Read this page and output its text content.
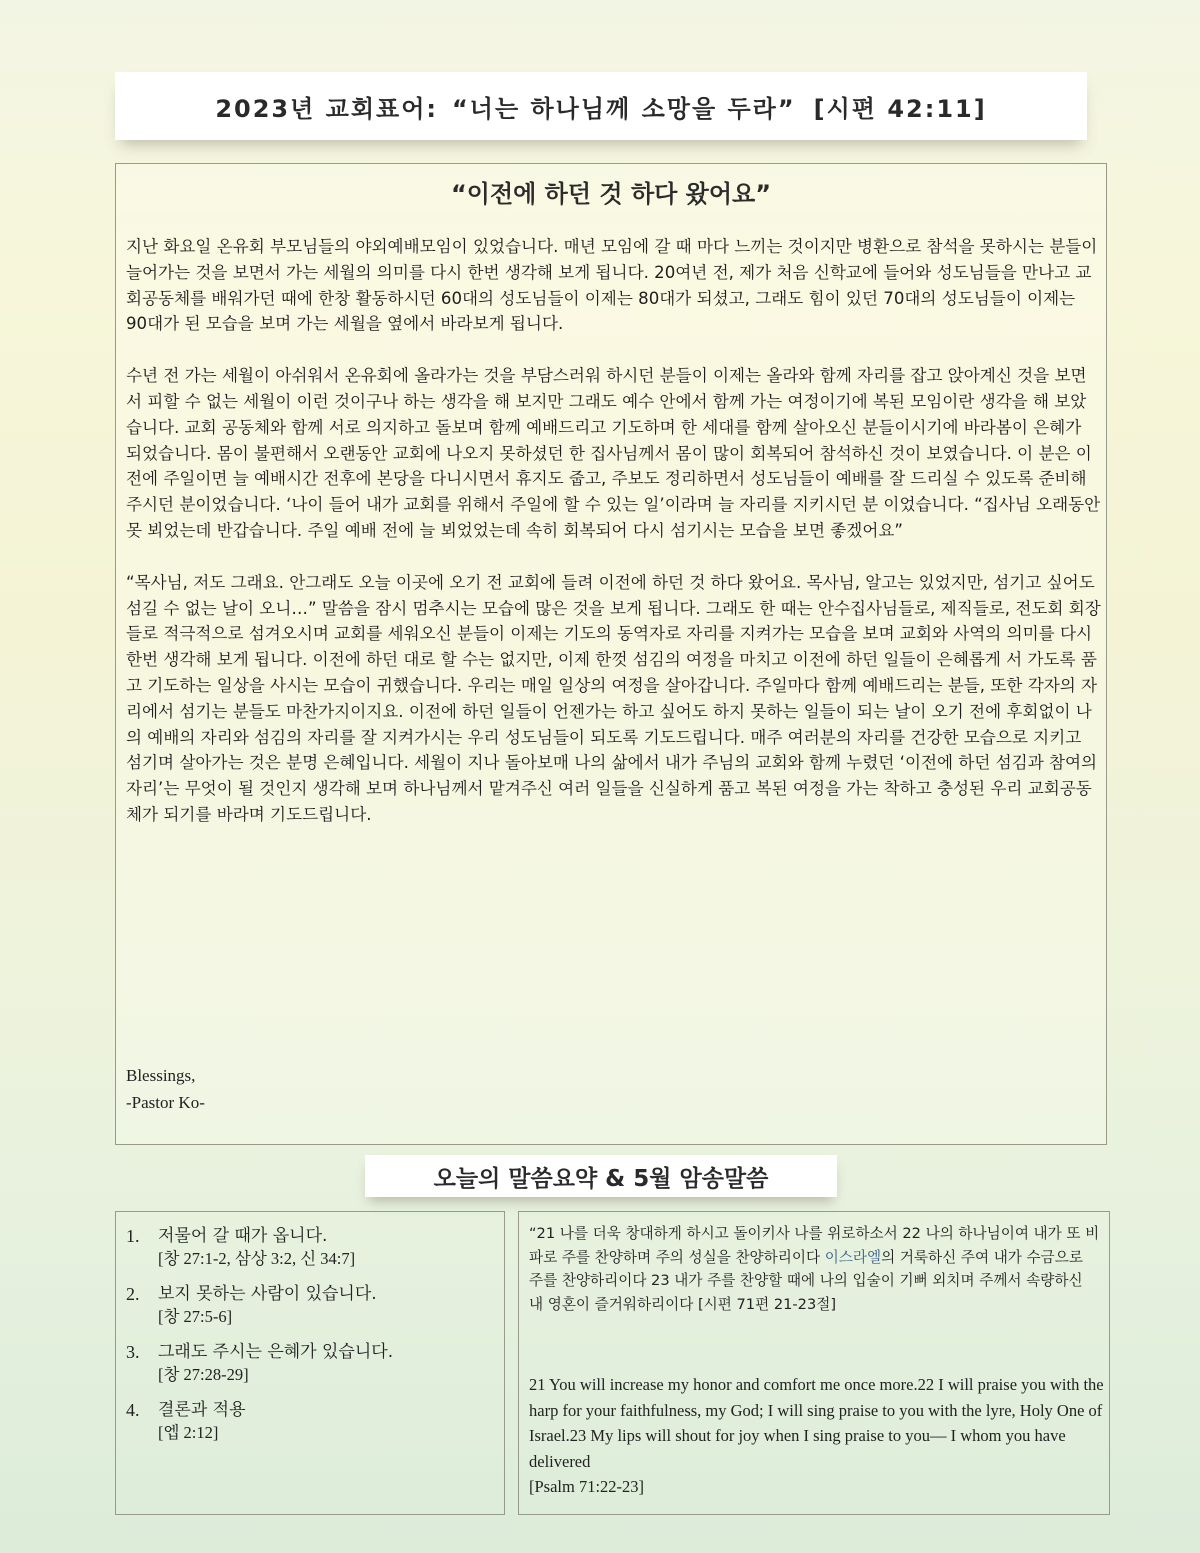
2023년 교회표어: “너는 하나님께 소망을 두라” [시편 42:11]
“이전에 하던 것 하다 왔어요”

지난 화요일 온유회 부모님들의 야외예배모임이 있었습니다. 매년 모임에 갈 때 마다 느끼는 것이지만 병환으로 참석을 못하시는 분들이 늘어가는 것을 보면서 가는 세월의 의미를 다시 한번 생각해 보게 됩니다. 20여년 전, 제가 처음 신학교에 들어와 성도님들을 만나고 교회공동체를 배워가던 때에 한창 활동하시던 60대의 성도님들이 이제는 80대가 되셨고, 그래도 힘이 있던 70대의 성도님들이 이제는 90대가 된 모습을 보며 가는 세월을 옆에서 바라보게 됩니다.

수년 전 가는 세월이 아쉬워서 온유회에 올라가는 것을 부담스러워 하시던 분들이 이제는 올라와 함께 자리를 잡고 앉아계신 것을 보면서 피할 수 없는 세월이 이런 것이구나 하는 생각을 해 보지만 그래도 예수 안에서 함께 가는 여정이기에 복된 모임이란 생각을 해 보았습니다. 교회 공동체와 함께 서로 의지하고 돌보며 함께 예배드리고 기도하며 한 세대를 함께 살아오신 분들이시기에 바라봄이 은혜가 되었습니다. 몸이 불편해서 오랜동안 교회에 나오지 못하셨던 한 집사님께서 몸이 많이 회복되어 참석하신 것이 보였습니다. 이 분은 이전에 주일이면 늘 예배시간 전후에 본당을 다니시면서 휴지도 줍고, 주보도 정리하면서 성도님들이 예배를 잘 드리실 수 있도록 준비해 주시던 분이었습니다. ‘나이 들어 내가 교회를 위해서 주일에 할 수 있는 일’이라며 늘 자리를 지키시던 분 이었습니다. “집사님 오래동안 못 뵈었는데 반갑습니다. 주일 예배 전에 늘 뵈었었는데 속히 회복되어 다시 섬기시는 모습을 보면 좋겠어요”

“목사님, 저도 그래요. 안그래도 오늘 이곳에 오기 전 교회에 들려 이전에 하던 것 하다 왔어요. 목사님, 알고는 있었지만, 섬기고 싶어도 섬길 수 없는 날이 오니…” 말씀을 잠시 멈추시는 모습에 많은 것을 보게 됩니다. 그래도 한 때는 안수집사님들로, 제직들로, 전도회 회장들로 적극적으로 섬겨오시며 교회를 세워오신 분들이 이제는 기도의 동역자로 자리를 지켜가는 모습을 보며 교회와 사역의 의미를 다시한번 생각해 보게 됩니다. 이전에 하던 대로 할 수는 없지만, 이제 한껏 섬김의 여정을 마치고 이전에 하던 일들이 은혜롭게 서 가도록 품고 기도하는 일상을 사시는 모습이 귀했습니다. 우리는 매일 일상의 여정을 살아갑니다. 주일마다 함께 예배드리는 분들, 또한 각자의 자리에서 섬기는 분들도 마찬가지이지요. 이전에 하던 일들이 언젠가는 하고 싶어도 하지 못하는 일들이 되는 날이 오기 전에 후회없이 나의 예배의 자리와 섬김의 자리를 잘 지켜가시는 우리 성도님들이 되도록 기도드립니다. 매주 여러분의 자리를 건강한 모습으로 지키고 섬기며 살아가는 것은 분명 은혜입니다. 세월이 지나 돌아보매 나의 삶에서 내가 주님의 교회와 함께 누렸던 ‘이전에 하던 섬김과 참여의 자리’는 무엇이 될 것인지 생각해 보며 하나님께서 맡겨주신 여러 일들을 신실하게 품고 복된 여정을 가는 착하고 충성된 우리 교회공동체가 되기를 바라며 기도드립니다.

Blessings,
-Pastor Ko-
오늘의 말씀요약 & 5월 암송말씀
1.	저물어 갈 때가 옵니다.
[창 27:1-2, 삼상 3:2, 신 34:7]
2.	보지 못하는 사람이 있습니다.
[창 27:5-6]
3.	그래도 주시는 은혜가 있습니다.
[창 27:28-29]
4.	결론과 적용
[엡 2:12]
“21 나를 더욱 창대하게 하시고 돌이키사 나를 위로하소서 22 나의 하나님이여 내가 또 비파로 주를 찬양하며 주의 성실을 찬양하리이다 이스라엘의 거룩하신 주여 내가 수금으로 주를 찬양하리이다 23 내가 주를 찬양할 때에 나의 입술이 기뻐 외치며 주께서 속량하신 내 영혼이 즐거워하리이다 [시편 71편 21-23절]
21 You will increase my honor and comfort me once more.22 I will praise you with the harp for your faithfulness, my God; I will sing praise to you with the lyre, Holy One of Israel.23 My lips will shout for joy when I sing praise to you— I whom you have delivered
[Psalm 71:22-23]
